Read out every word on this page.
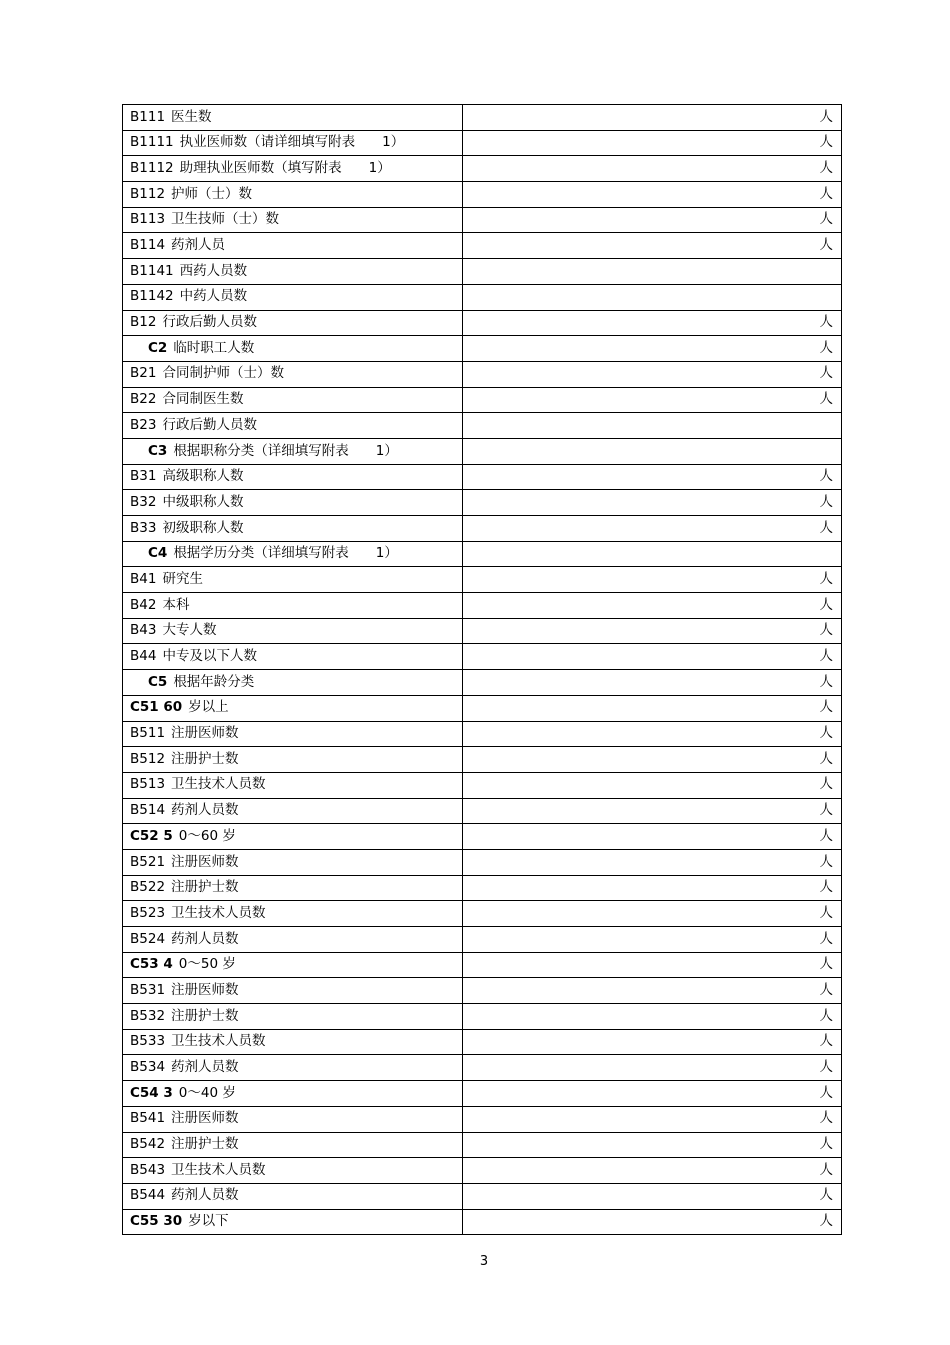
B111 医生数	人
B1111 执业医师数（请详细填写附表　　1）	人
B1112 助理执业医师数（填写附表　　1）	人
B112 护师（士）数	人
B113 卫生技师（士）数	人
B114 药剂人员	人
B1141 西药人员数	
B1142 中药人员数	
B12 行政后勤人员数	人
C2 临时职工人数	人
B21 合同制护师（士）数	人
B22 合同制医生数	人
B23 行政后勤人员数	
C3 根据职称分类（详细填写附表　　1）	
B31 高级职称人数	人
B32 中级职称人数	人
B33 初级职称人数	人
C4 根据学历分类（详细填写附表　　1）	
B41 研究生	人
B42 本科	人
B43 大专人数	人
B44 中专及以下人数	人
C5 根据年龄分类	人
C51 60 岁以上	人
B511 注册医师数	人
B512 注册护士数	人
B513 卫生技术人员数	人
B514 药剂人员数	人
C52 5 0～60 岁	人
B521 注册医师数	人
B522 注册护士数	人
B523 卫生技术人员数	人
B524 药剂人员数	人
C53 4 0～50 岁	人
B531 注册医师数	人
B532 注册护士数	人
B533 卫生技术人员数	人
B534 药剂人员数	人
C54 3 0～40 岁	人
B541 注册医师数	人
B542 注册护士数	人
B543 卫生技术人员数	人
B544 药剂人员数	人
C55 30 岁以下	人
3
